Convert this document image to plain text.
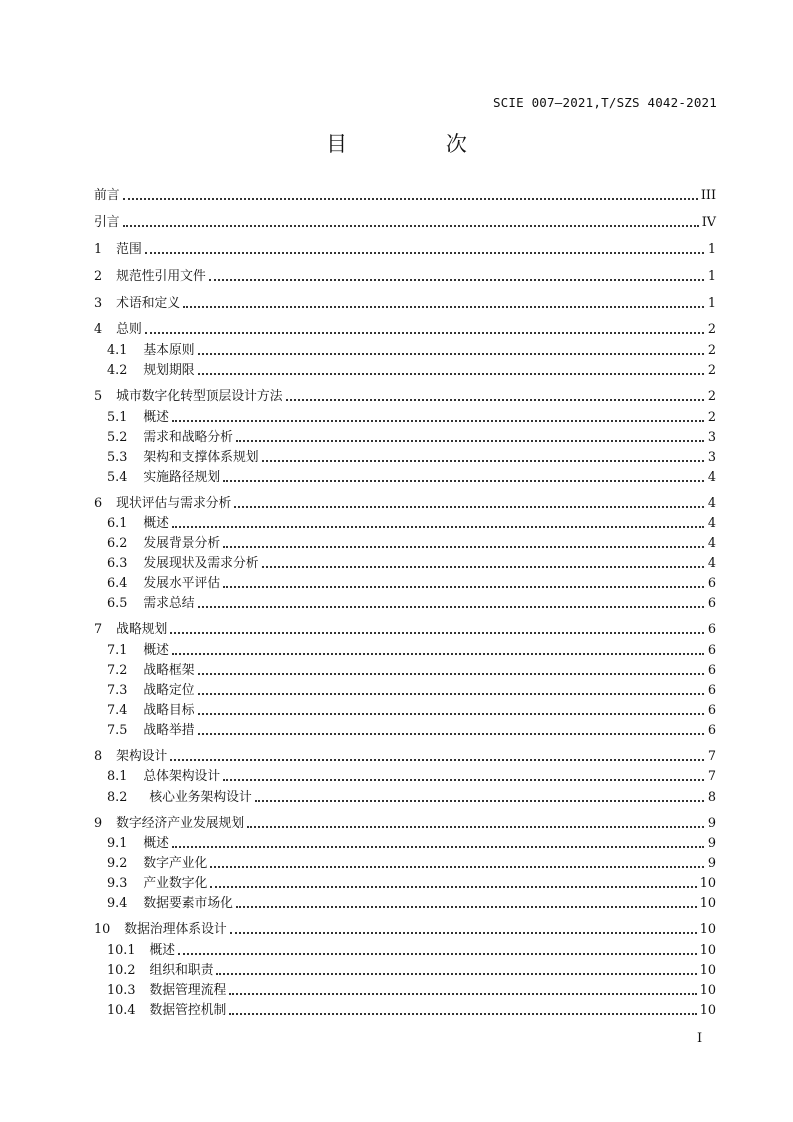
SCIE 007—2021,T/SZS 4042-2021
目 次
前言	III
引言	IV
1 范围	1
2 规范性引用文件	1
3 术语和定义	1
4 总则	2
4.1 基本原则	2
4.2 规划期限	2
5 城市数字化转型顶层设计方法	2
5.1 概述	2
5.2 需求和战略分析	3
5.3 架构和支撑体系规划	3
5.4 实施路径规划	4
6 现状评估与需求分析	4
6.1 概述	4
6.2 发展背景分析	4
6.3 发展现状及需求分析	4
6.4 发展水平评估	6
6.5 需求总结	6
7 战略规划	6
7.1 概述	6
7.2 战略框架	6
7.3 战略定位	6
7.4 战略目标	6
7.5 战略举措	6
8 架构设计	7
8.1 总体架构设计	7
8.2 核心业务架构设计	8
9 数字经济产业发展规划	9
9.1 概述	9
9.2 数字产业化	9
9.3 产业数字化	10
9.4 数据要素市场化	10
10 数据治理体系设计	10
10.1 概述	10
10.2 组织和职责	10
10.3 数据管理流程	10
10.4 数据管控机制	10
I
